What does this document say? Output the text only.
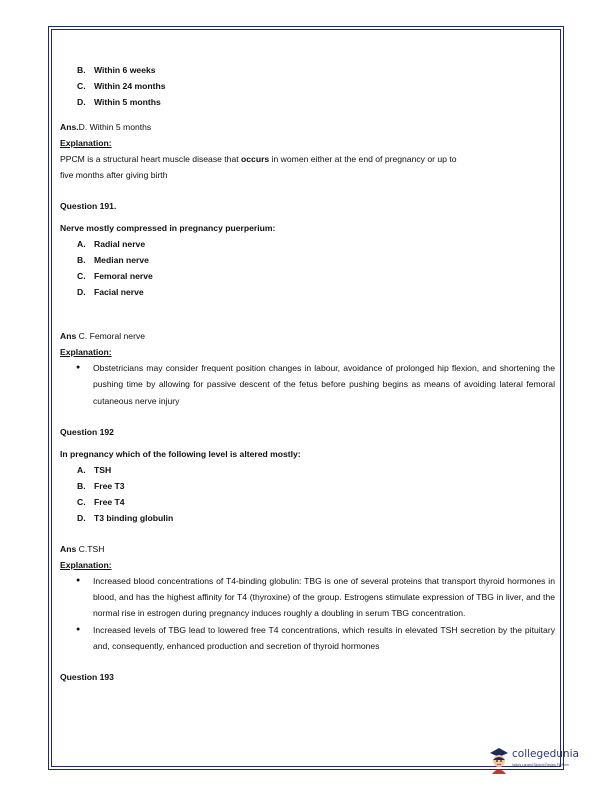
B. Within 6 weeks
C. Within 24 months
D. Within 5 months
Ans.D. Within 5 months
Explanation:
PPCM is a structural heart muscle disease that occurs in women either at the end of pregnancy or up to
five months after giving birth
Question 191.
Nerve mostly compressed in pregnancy puerperium:
A. Radial nerve
B. Median nerve
C. Femoral nerve
D. Facial nerve
Ans C. Femoral nerve
Explanation:
● Obstetricians may consider frequent position changes in labour, avoidance of prolonged hip flexion, and shortening the pushing time by allowing for passive descent of the fetus before pushing begins as means of avoiding lateral femoral cutaneous nerve injury
Question 192
In pregnancy which of the following level is altered mostly:
A. TSH
B. Free T3
C. Free T4
D. T3 binding globulin
Ans C.TSH
Explanation:
● Increased blood concentrations of T4-binding globulin: TBG is one of several proteins that transport thyroid hormones in blood, and has the highest affinity for T4 (thyroxine) of the group. Estrogens stimulate expression of TBG in liver, and the normal rise in estrogen during pregnancy induces roughly a doubling in serum TBG concentration.
● Increased levels of TBG lead to lowered free T4 concentrations, which results in elevated TSH secretion by the pituitary and, consequently, enhanced production and secretion of thyroid hormones
Question 193
collegedunia
India's Largest Student Review Platform
